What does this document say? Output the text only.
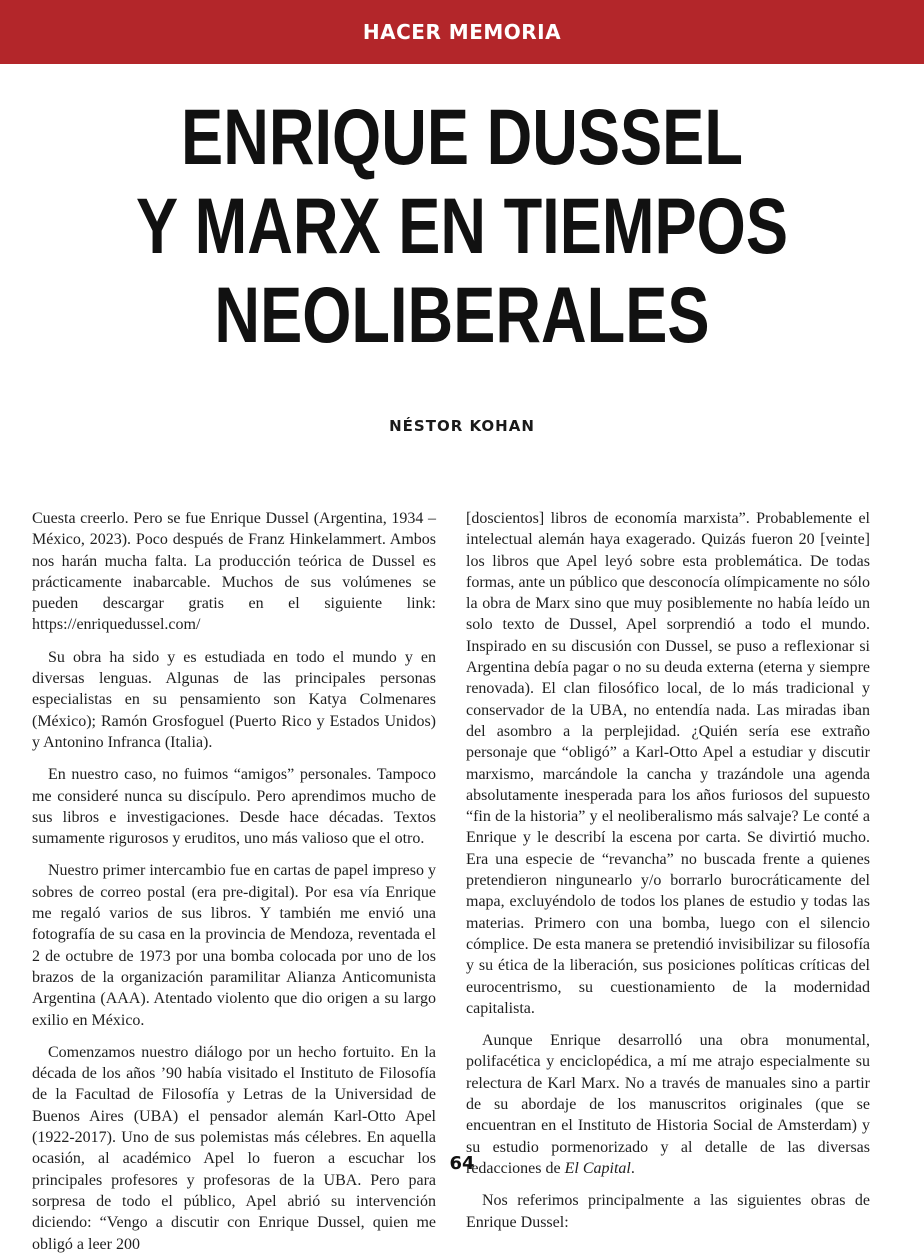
HACER MEMORIA
ENRIQUE DUSSEL
Y MARX EN TIEMPOS
NEOLIBERALES
NÉSTOR KOHAN

Cuesta creerlo. Pero se fue Enrique Dussel (Argentina, 1934 – México, 2023). Poco después de Franz Hinkelammert. Ambos nos harán mucha falta. La producción teórica de Dussel es prácticamente inabarcable. Muchos de sus volúmenes se pueden descargar gratis en el siguiente link: https://enriquedussel.com/

Su obra ha sido y es estudiada en todo el mundo y en diversas lenguas. Algunas de las principales personas especialistas en su pensamiento son Katya Colmenares (México); Ramón Grosfoguel (Puerto Rico y Estados Unidos) y Antonino Infranca (Italia).

En nuestro caso, no fuimos “amigos” personales. Tampoco me consideré nunca su discípulo. Pero aprendimos mucho de sus libros e investigaciones. Desde hace décadas. Textos sumamente rigurosos y eruditos, uno más valioso que el otro.

Nuestro primer intercambio fue en cartas de papel impreso y sobres de correo postal (era pre-digital). Por esa vía Enrique me regaló varios de sus libros. Y también me envió una fotografía de su casa en la provincia de Mendoza, reventada el 2 de octubre de 1973 por una bomba colocada por uno de los brazos de la organización paramilitar Alianza Anticomunista Argentina (AAA). Atentado violento que dio origen a su largo exilio en México.

Comenzamos nuestro diálogo por un hecho fortuito. En la década de los años ’90 había visitado el Instituto de Filosofía de la Facultad de Filosofía y Letras de la Universidad de Buenos Aires (UBA) el pensador alemán Karl-Otto Apel (1922-2017). Uno de sus polemistas más célebres. En aquella ocasión, al académico Apel lo fueron a escuchar los principales profesores y profesoras de la UBA. Pero para sorpresa de todo el público, Apel abrió su intervención diciendo: “Vengo a discutir con Enrique Dussel, quien me obligó a leer 200

[doscientos] libros de economía marxista”. Probablemente el intelectual alemán haya exagerado. Quizás fueron 20 [veinte] los libros que Apel leyó sobre esta problemática. De todas formas, ante un público que desconocía olímpicamente no sólo la obra de Marx sino que muy posiblemente no había leído un solo texto de Dussel, Apel sorprendió a todo el mundo. Inspirado en su discusión con Dussel, se puso a reflexionar si Argentina debía pagar o no su deuda externa (eterna y siempre renovada). El clan filosófico local, de lo más tradicional y conservador de la UBA, no entendía nada. Las miradas iban del asombro a la perplejidad. ¿Quién sería ese extraño personaje que “obligó” a Karl-Otto Apel a estudiar y discutir marxismo, marcándole la cancha y trazándole una agenda absolutamente inesperada para los años furiosos del supuesto “fin de la historia” y el neoliberalismo más salvaje? Le conté a Enrique y le describí la escena por carta. Se divirtió mucho. Era una especie de “revancha” no buscada frente a quienes pretendieron ningunearlo y/o borrarlo burocráticamente del mapa, excluyéndolo de todos los planes de estudio y todas las materias. Primero con una bomba, luego con el silencio cómplice. De esta manera se pretendió invisibilizar su filosofía y su ética de la liberación, sus posiciones políticas críticas del eurocentrismo, su cuestionamiento de la modernidad capitalista.

Aunque Enrique desarrolló una obra monumental, polifacética y enciclopédica, a mí me atrajo especialmente su relectura de Karl Marx. No a través de manuales sino a partir de su abordaje de los manuscritos originales (que se encuentran en el Instituto de Historia Social de Amsterdam) y su estudio pormenorizado y al detalle de las diversas redacciones de El Capital.

Nos referimos principalmente a las siguientes obras de Enrique Dussel:

64
